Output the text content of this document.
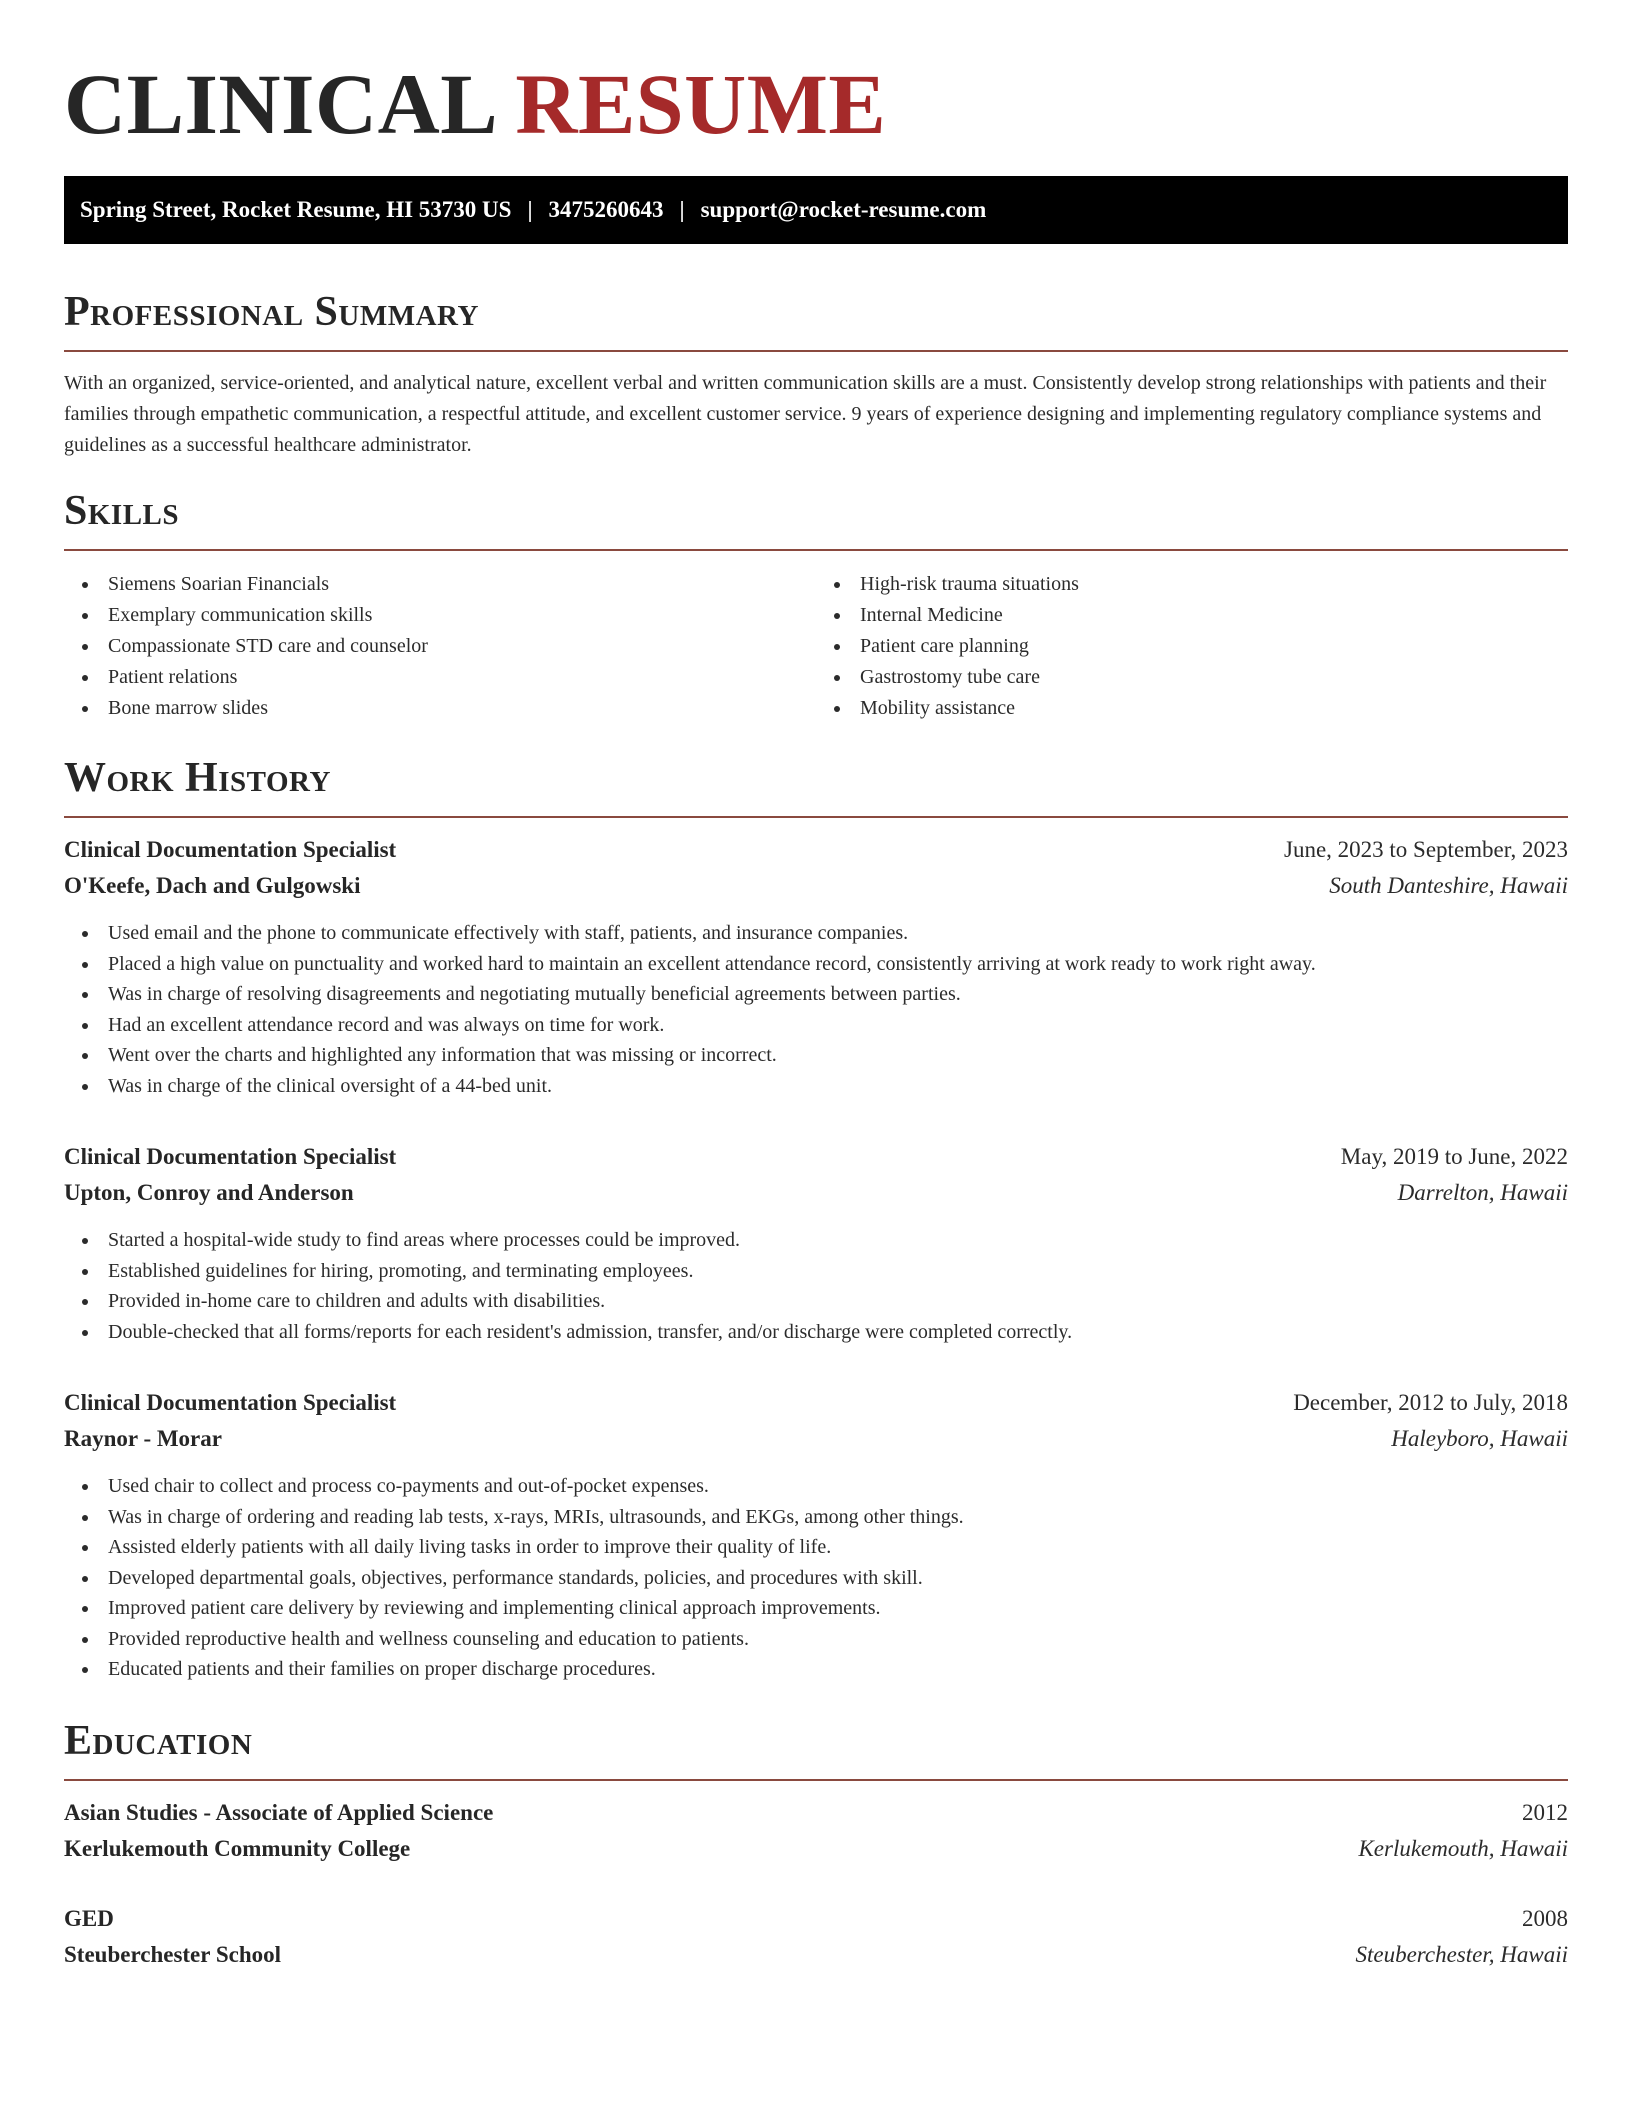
CLINICAL RESUME
Spring Street, Rocket Resume, HI 53730 US | 3475260643 | support@rocket-resume.com
Professional Summary

With an organized, service-oriented, and analytical nature, excellent verbal and written communication skills are a must. Consistently develop strong relationships with patients and their families through empathetic communication, a respectful attitude, and excellent customer service. 9 years of experience designing and implementing regulatory compliance systems and guidelines as a successful healthcare administrator.

Skills
Siemens Soarian Financials
Exemplary communication skills
Compassionate STD care and counselor
Patient relations
Bone marrow slides
High-risk trauma situations
Internal Medicine
Patient care planning
Gastrostomy tube care
Mobility assistance
Work History
Clinical Documentation Specialist	June, 2023 to September, 2023
O'Keefe, Dach and Gulgowski	South Danteshire, Hawaii
Used email and the phone to communicate effectively with staff, patients, and insurance companies.
Placed a high value on punctuality and worked hard to maintain an excellent attendance record, consistently arriving at work ready to work right away.
Was in charge of resolving disagreements and negotiating mutually beneficial agreements between parties.
Had an excellent attendance record and was always on time for work.
Went over the charts and highlighted any information that was missing or incorrect.
Was in charge of the clinical oversight of a 44-bed unit.
Clinical Documentation Specialist	May, 2019 to June, 2022
Upton, Conroy and Anderson	Darrelton, Hawaii
Started a hospital-wide study to find areas where processes could be improved.
Established guidelines for hiring, promoting, and terminating employees.
Provided in-home care to children and adults with disabilities.
Double-checked that all forms/reports for each resident's admission, transfer, and/or discharge were completed correctly.
Clinical Documentation Specialist	December, 2012 to July, 2018
Raynor - Morar	Haleyboro, Hawaii
Used chair to collect and process co-payments and out-of-pocket expenses.
Was in charge of ordering and reading lab tests, x-rays, MRIs, ultrasounds, and EKGs, among other things.
Assisted elderly patients with all daily living tasks in order to improve their quality of life.
Developed departmental goals, objectives, performance standards, policies, and procedures with skill.
Improved patient care delivery by reviewing and implementing clinical approach improvements.
Provided reproductive health and wellness counseling and education to patients.
Educated patients and their families on proper discharge procedures.
Education
Asian Studies - Associate of Applied Science	2012
Kerlukemouth Community College	Kerlukemouth, Hawaii
GED	2008
Steuberchester School	Steuberchester, Hawaii
